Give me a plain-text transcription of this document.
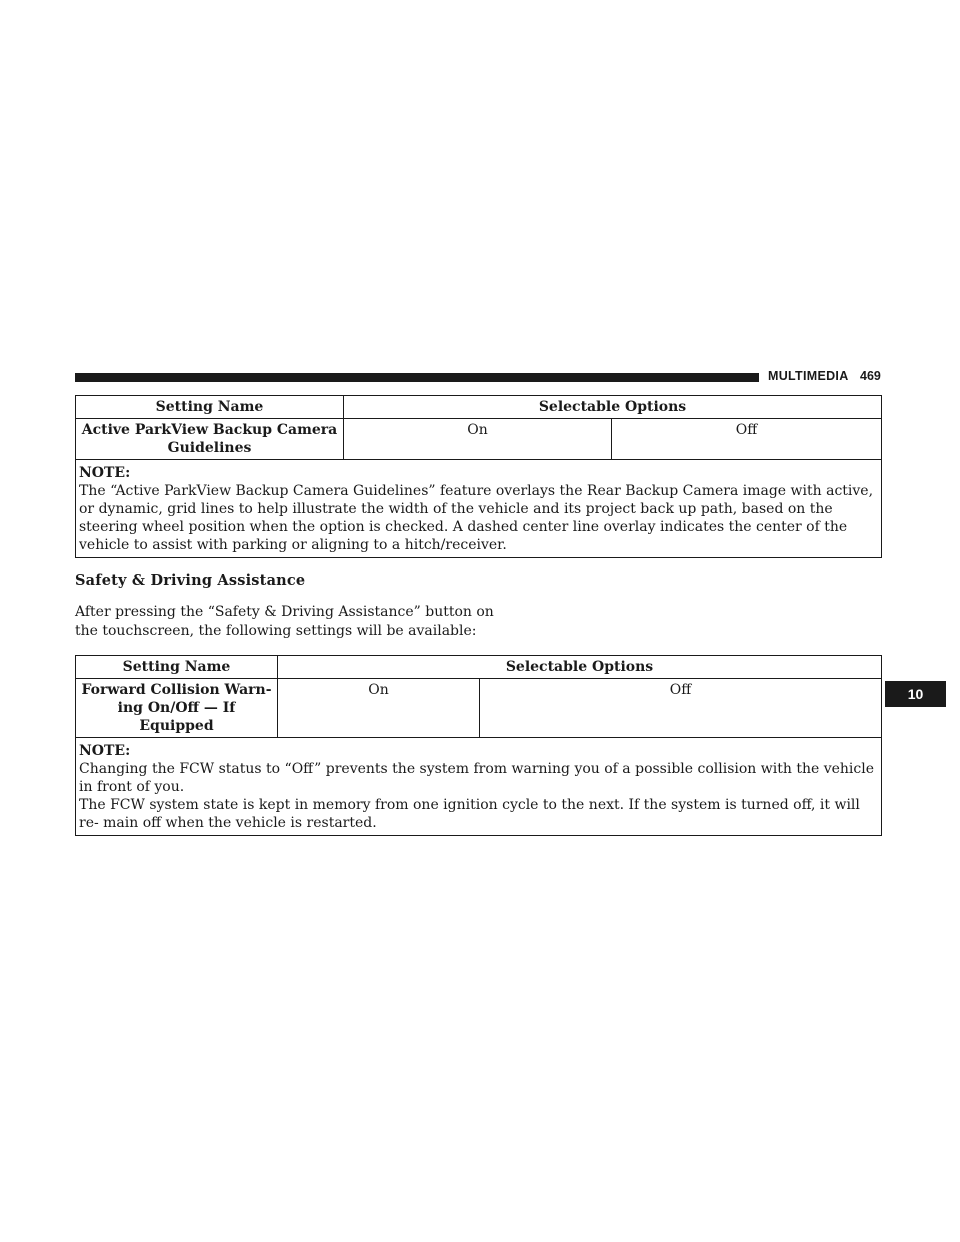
MULTIMEDIA 469
Setting Name	Selectable Options	
Active ParkView Backup Camera Guidelines	On	Off

NOTE:
The “Active ParkView Backup Camera Guidelines” feature overlays the Rear Backup Camera image with active, or dynamic, grid lines to help illustrate the width of the vehicle and its project back up path, based on the steering wheel position when the option is checked. A dashed center line overlay indicates the center of the vehicle to assist with parking or aligning to a hitch/receiver.		
Safety & Driving Assistance
After pressing the “Safety & Driving Assistance” button on the touchscreen, the following settings will be available:
Setting Name	Selectable Options	
Forward Collision Warn- ing On/Off — If Equipped	On	Off

NOTE:
Changing the FCW status to “Off” prevents the system from warning you of a possible collision with the vehicle in front of you.
The FCW system state is kept in memory from one ignition cycle to the next. If the system is turned off, it will re- main off when the vehicle is restarted.		
10
